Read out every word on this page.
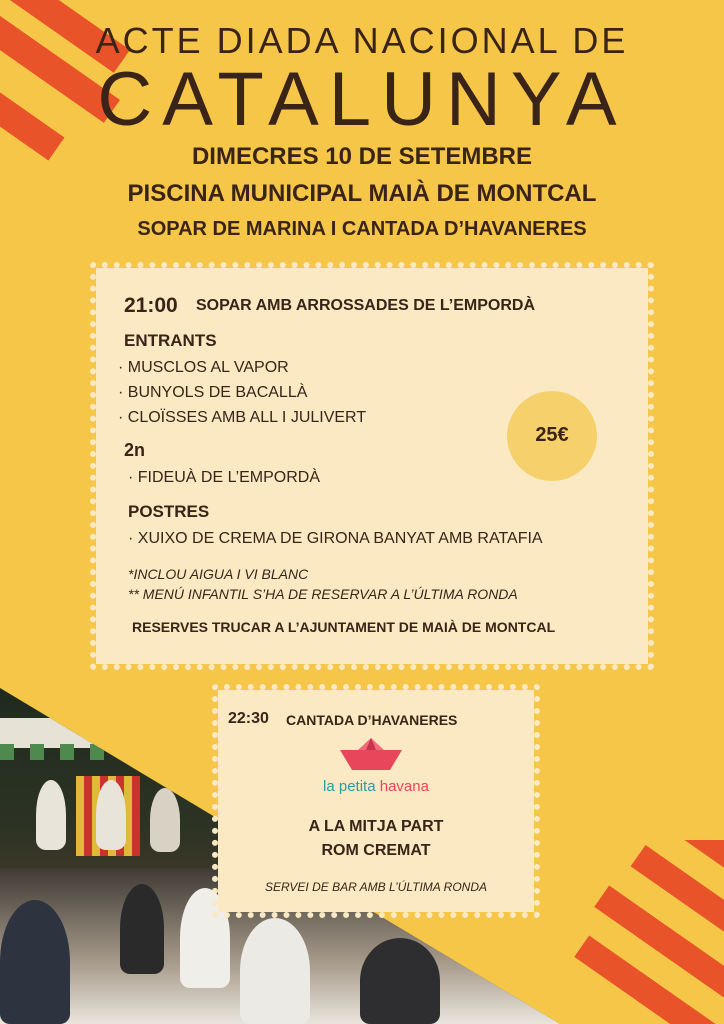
ACTE DIADA NACIONAL DE
CATALUNYA
DIMECRES 10 DE SETEMBRE
PISCINA MUNICIPAL MAIÀ DE MONTCAL
SOPAR DE MARINA I CANTADA D’HAVANERES
21:00 SOPAR AMB ARROSSADES DE L’EMPORDÀ
ENTRANTS
· MUSCLOS AL VAPOR
· BUNYOLS DE BACALLÀ
· CLOÏSSES AMB ALL I JULIVERT
2n
· FIDEUÀ DE L’EMPORDÀ
POSTRES
· XUIXO DE CREMA DE GIRONA BANYAT AMB RATAFIA
*INCLOU AIGUA I VI BLANC
** MENÚ INFANTIL S’HA DE RESERVAR A L’ÚLTIMA RONDA
RESERVES TRUCAR A L’AJUNTAMENT DE MAIÀ DE MONTCAL
25€
22:30 CANTADA D’HAVANERES
la petita havana
A LA MITJA PART
ROM CREMAT
SERVEI DE BAR AMB L’ÚLTIMA RONDA
